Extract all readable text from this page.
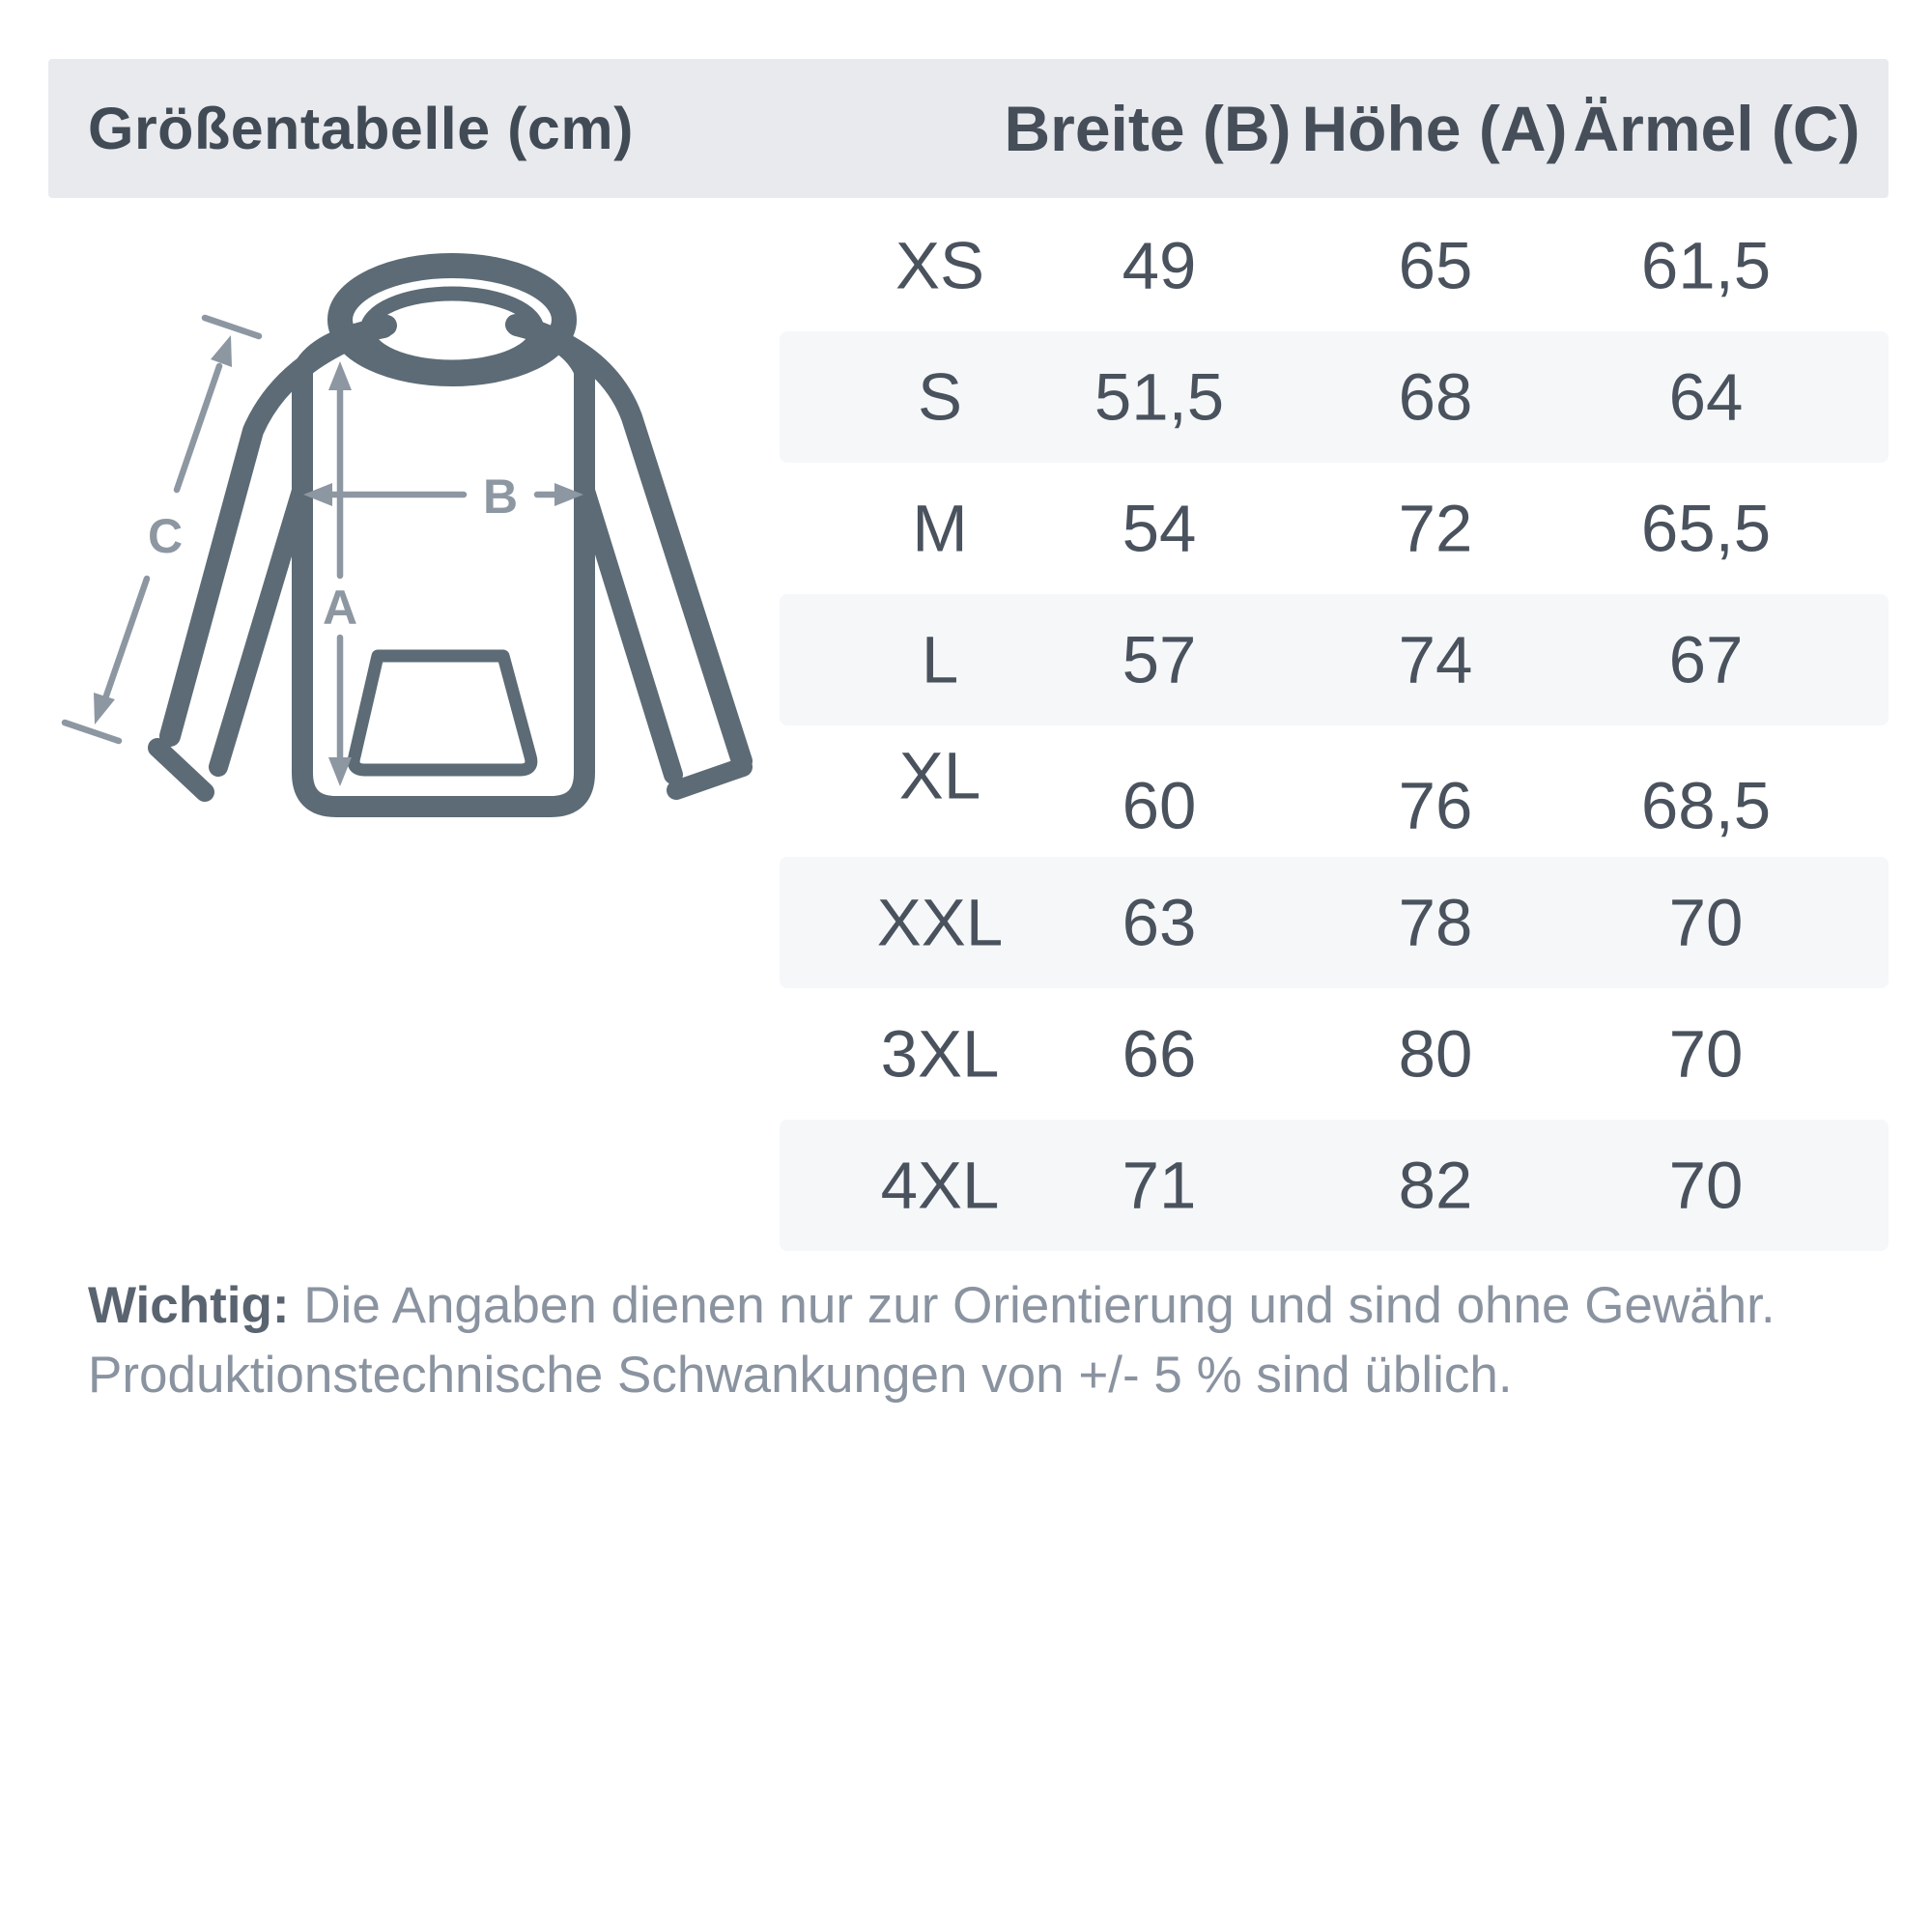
Größentabelle (cm)	Breite (B) Höhe (A) Ärmel (C)
XS 49	65	61,5
S 51,5	68	64
M 54	72	65,5
L 57	74	67
XL 60	76	68,5
XXL 63	78	70
3XL 66	80	70
4XL 71	82	70
A
B
C
Wichtig: Die Angaben dienen nur zur Orientierung und sind ohne Gewähr.
Produktionstechnische Schwankungen von +/- 5 % sind üblich.
